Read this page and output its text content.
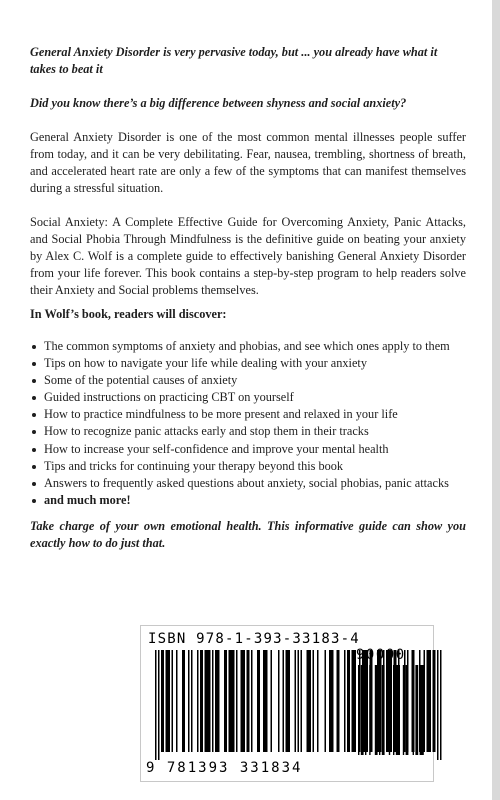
General Anxiety Disorder is very pervasive today, but ... you already have what it takes to beat it

Did you know there’s a big difference between shyness and social anxiety?

General Anxiety Disorder is one of the most common mental illnesses people suffer from today, and it can be very debilitating. Fear, nausea, trembling, shortness of breath, and accelerated heart rate are only a few of the symptoms that can manifest themselves during a stressful situation.

Social Anxiety: A Complete Effective Guide for Overcoming Anxiety, Panic Attacks, and Social Phobia Through Mindfulness is the definitive guide on beating your anxiety by Alex C. Wolf is a complete guide to effectively banishing General Anxiety Disorder from your life forever. This book contains a step-by-step program to help readers solve their Anxiety and Social problems themselves.

In Wolf’s book, readers will discover:

The common symptoms of anxiety and phobias, and see which ones apply to them
Tips on how to navigate your life while dealing with your anxiety
Some of the potential causes of anxiety
Guided instructions on practicing CBT on yourself
How to practice mindfulness to be more present and relaxed in your life
How to recognize panic attacks early and stop them in their tracks
How to increase your self-confidence and improve your mental health
Tips and tricks for continuing your therapy beyond this book
Answers to frequently asked questions about anxiety, social phobias, panic attacks
and much more!

Take charge of your own emotional health. This informative guide can show you exactly how to do just that.

ISBN 978-1-393-33183-4
90000
9 781393 331834
